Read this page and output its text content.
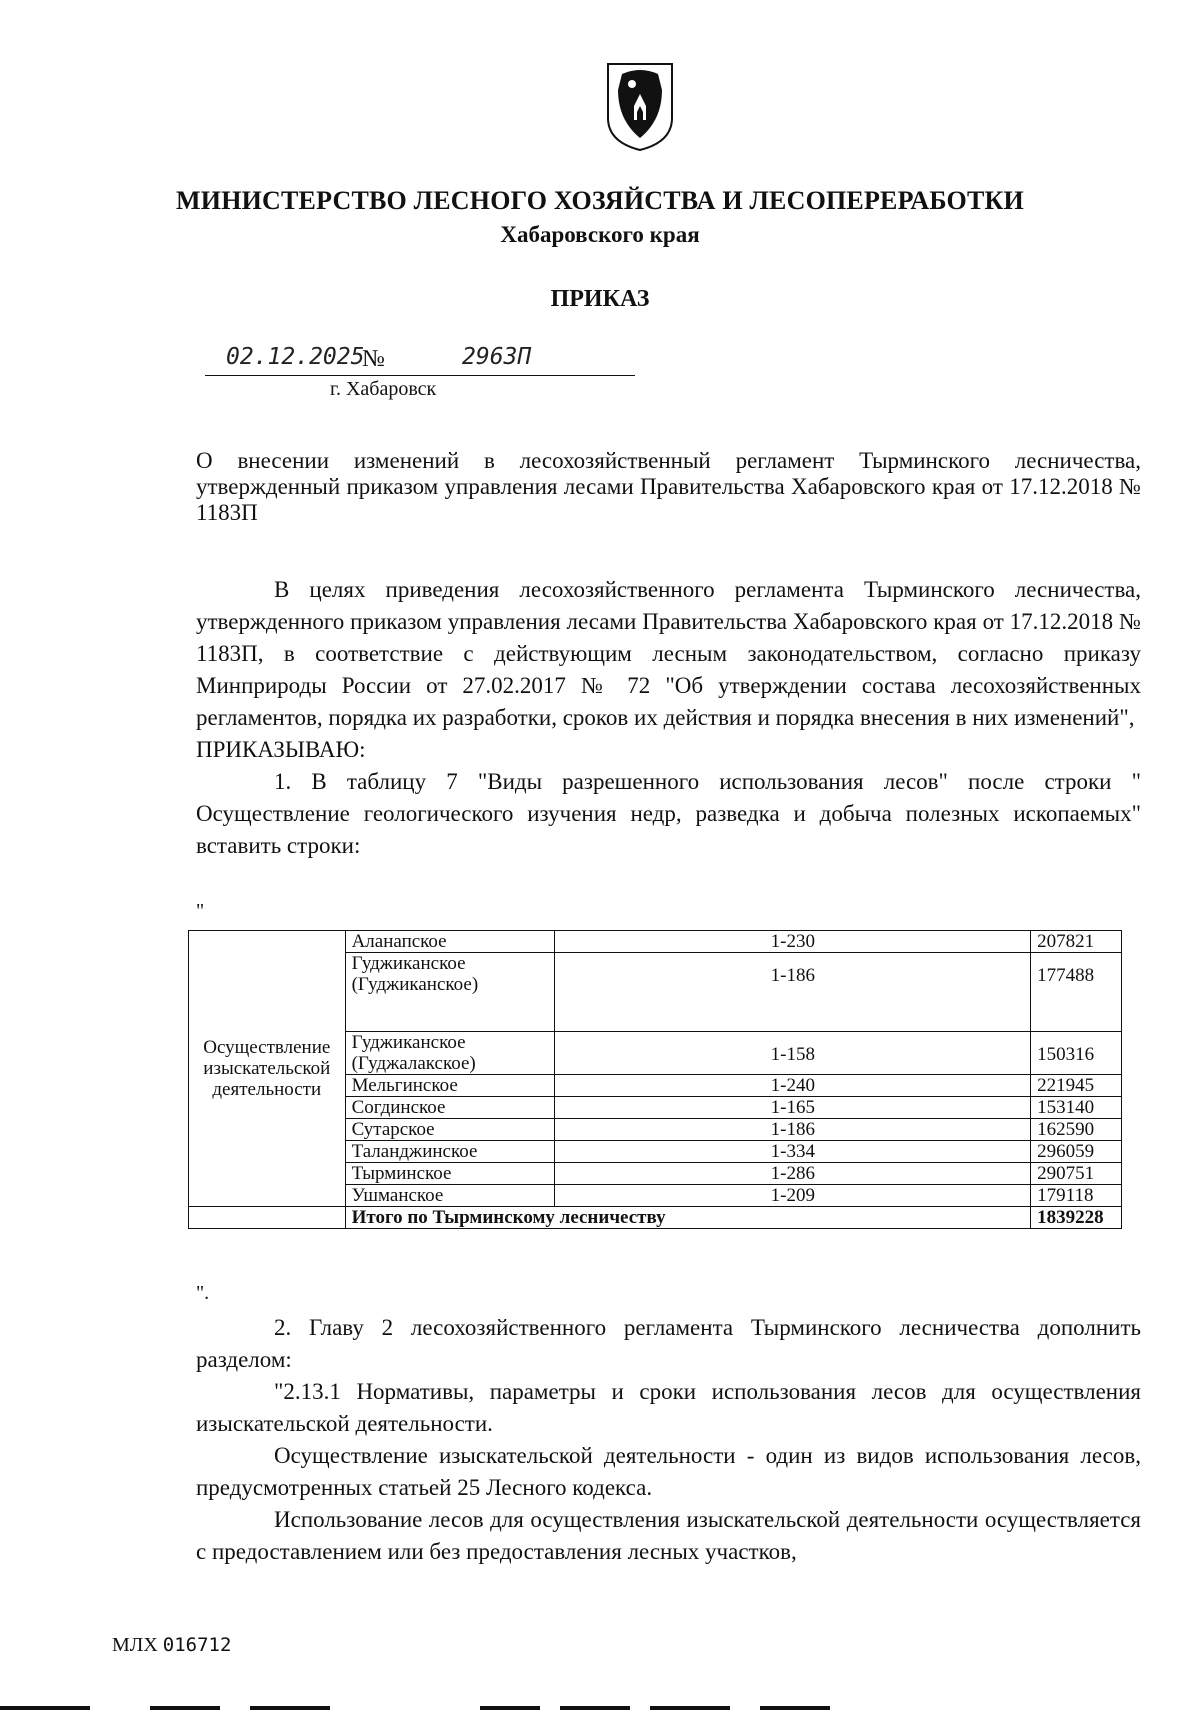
МИНИСТЕРСТВО ЛЕСНОГО ХОЗЯЙСТВА И ЛЕСОПЕРЕРАБОТКИ
Хабаровского края
ПРИКАЗ
02.12.2025
№	2963П
г. Хабаровск
О внесении изменений в лесохозяйственный регламент Тырминского лесничества, утвержденный приказом управления лесами Правительства Хабаровского края от 17.12.2018 № 1183П

В целях приведения лесохозяйственного регламента Тырминского лесничества, утвержденного приказом управления лесами Правительства Хабаровского края от 17.12.2018 № 1183П, в соответствие с действующим лесным законодательством, согласно приказу Минприроды России от 27.02.2017 № 72 "Об утверждении состава лесохозяйственных регламентов, порядка их разработки, сроков их действия и порядка внесения в них изменений",
ПРИКАЗЫВАЮ:
1. В таблицу 7 "Виды разрешенного использования лесов" после строки " Осуществление геологического изучения недр, разведка и добыча полезных ископаемых" вставить строки:

"
Осуществление изыскательской деятельности	Аланапское	1-230	207821
	Гуджиканское (Гуджиканское)	1-186	177488
	Гуджиканское (Гуджалакское)	1-158	150316
	Мельгинское	1-240	221945
	Согдинское	1-165	153140
	Сутарское	1-186	162590
	Таланджинское	1-334	296059
	Тырминское	1-286	290751
	Ушманское	1-209	179118
	Итого по Тырминскому лесничеству		1839228
".

2. Главу 2 лесохозяйственного регламента Тырминского лесничества дополнить разделом:

"2.13.1 Нормативы, параметры и сроки использования лесов для осуществления изыскательской деятельности.

Осуществление изыскательской деятельности - один из видов использования лесов, предусмотренных статьей 25 Лесного кодекса.

Использование лесов для осуществления изыскательской деятельности осуществляется с предоставлением или без предоставления лесных участков,

МЛХ 016712
